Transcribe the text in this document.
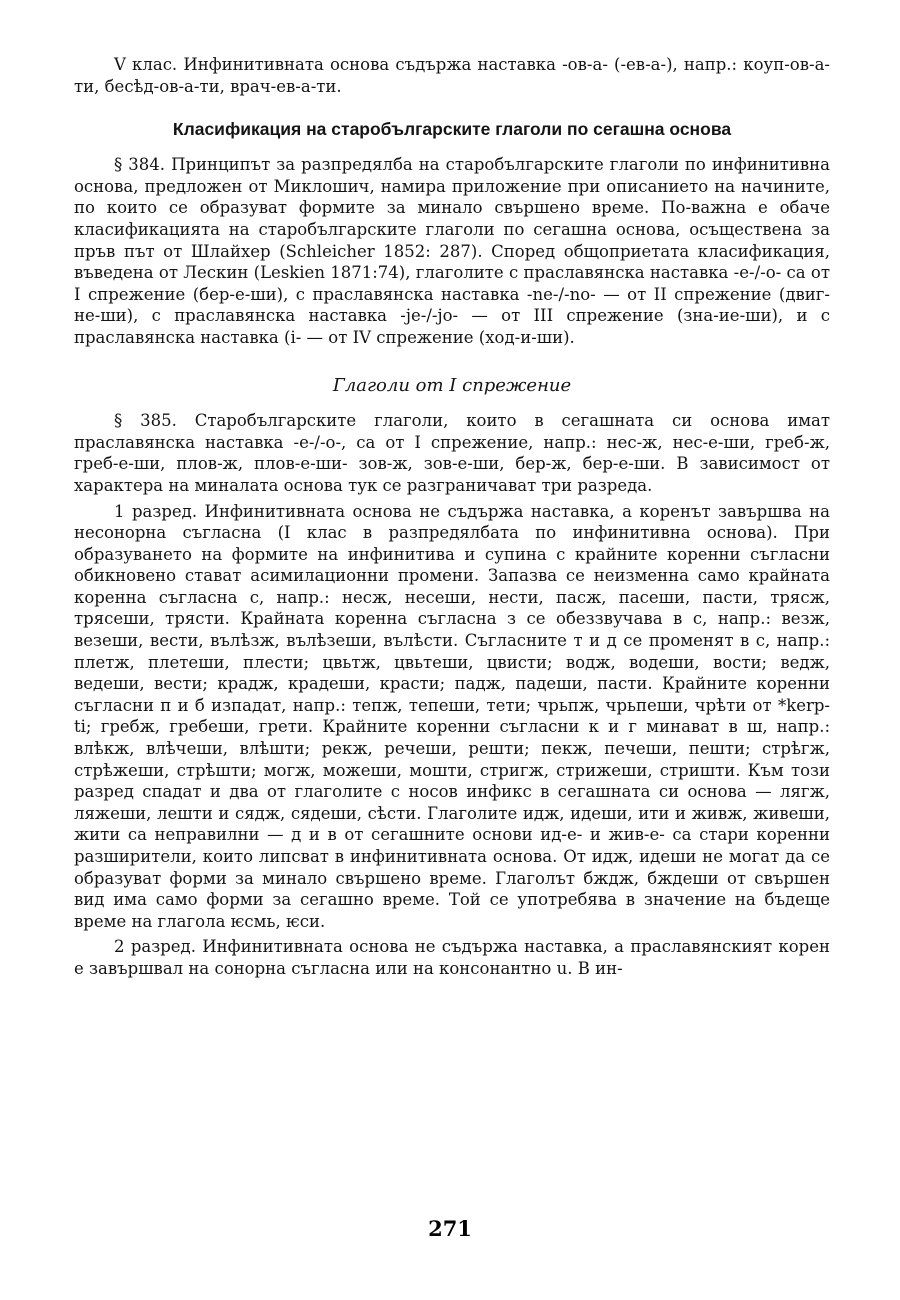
V клас. Инфинитивната основа съдържа наставка -ов-а- (-ев-а-), напр.: коуп-ов-а-ти, бесѣд-ов-а-ти, врач-ев-а-ти.

Класификация на старобългарските глаголи по сегашна основа

§ 384. Принципът за разпредялба на старобългарските глаголи по инфинитивна основа, предложен от Миклошич, намира приложение при описанието на начините, по които се образуват формите за минало свършено време. По-важна е обаче класификацията на старобългарските глаголи по сегашна основа, осъществена за пръв път от Шлайхер (Schleicher 1852: 287). Според общоприетата класификация, въведена от Лескин (Leskien 1871:74), глаголите с праславянска наставка -e-/-o- са от I спрежение (бер-е-ши), с праславянска наставка -ne-/-no- — от II спрежение (двиг-не-ши), с праславянска наставка -je-/-jo- — от III спрежение (зна-ие-ши), и с праславянска наставка (i- — от IV спрежение (ход-и-ши).

Глаголи от I спрежение

§ 385. Старобългарските глаголи, които в сегашната си основа имат праславянска наставка -e-/-o-, са от I спрежение, напр.: нес-ж, нес-е-ши, греб-ж, греб-е-ши, плов-ж, плов-е-ши- зов-ж, зов-е-ши, бер-ж, бер-е-ши. В зависимост от характера на миналата основа тук се разграничават три разреда.

1 разред. Инфинитивната основа не съдържа наставка, а коренът завършва на несонорна съгласна (I клас в разпредялбата по инфинитивна основа). При образуването на формите на инфинитива и супина с крайните коренни съгласни обикновено стават асимилационни промени. Запазва се неизменна само крайната коренна съгласна с, напр.: несж, несеши, нести, пасж, пасеши, пасти, трясж, трясеши, трясти. Крайната коренна съгласна з се обеззвучава в с, напр.: везж, везеши, вести, вълѣзж, вълѣзеши, вълѣсти. Съгласните т и д се променят в с, напр.: плетж, плетеши, плести; цвьтж, цвьтеши, цвисти; водж, водеши, вости; ведж, ведеши, вести; крадж, крадеши, красти; падж, падеши, пасти. Крайните коренни съгласни п и б изпадат, напр.: тепж, тепеши, тети; чрьпж, чрьпеши, чрѣти от *kerp-ti; гребж, гребеши, грети. Крайните коренни съгласни к и г минават в ш, напр.: влѣкж, влѣчеши, влѣшти; рекж, речеши, решти; пекж, печеши, пешти; стрѣгж, стрѣжеши, стрѣшти; могж, можеши, мошти, стригж, стрижеши, стришти. Към този разред спадат и два от глаголите с носов инфикс в сегашната си основа — лягж, ляжеши, лешти и сядж, сядеши, сѣсти. Глаголите идж, идеши, ити и живж, живеши, жити са неправилни — д и в от сегашните основи ид-е- и жив-е- са стари коренни разширители, които липсват в инфинитивната основа. От идж, идеши не могат да се образуват форми за минало свършено време. Глаголът бждж, бждеши от свършен вид има само форми за сегашно време. Той се употребява в значение на бъдеще време на глагола ѥсмь, ѥси.

2 разред. Инфинитивната основа не съдържа наставка, а праславянският корен е завършвал на сонорна съгласна или на консонантно u. В ин-

271
